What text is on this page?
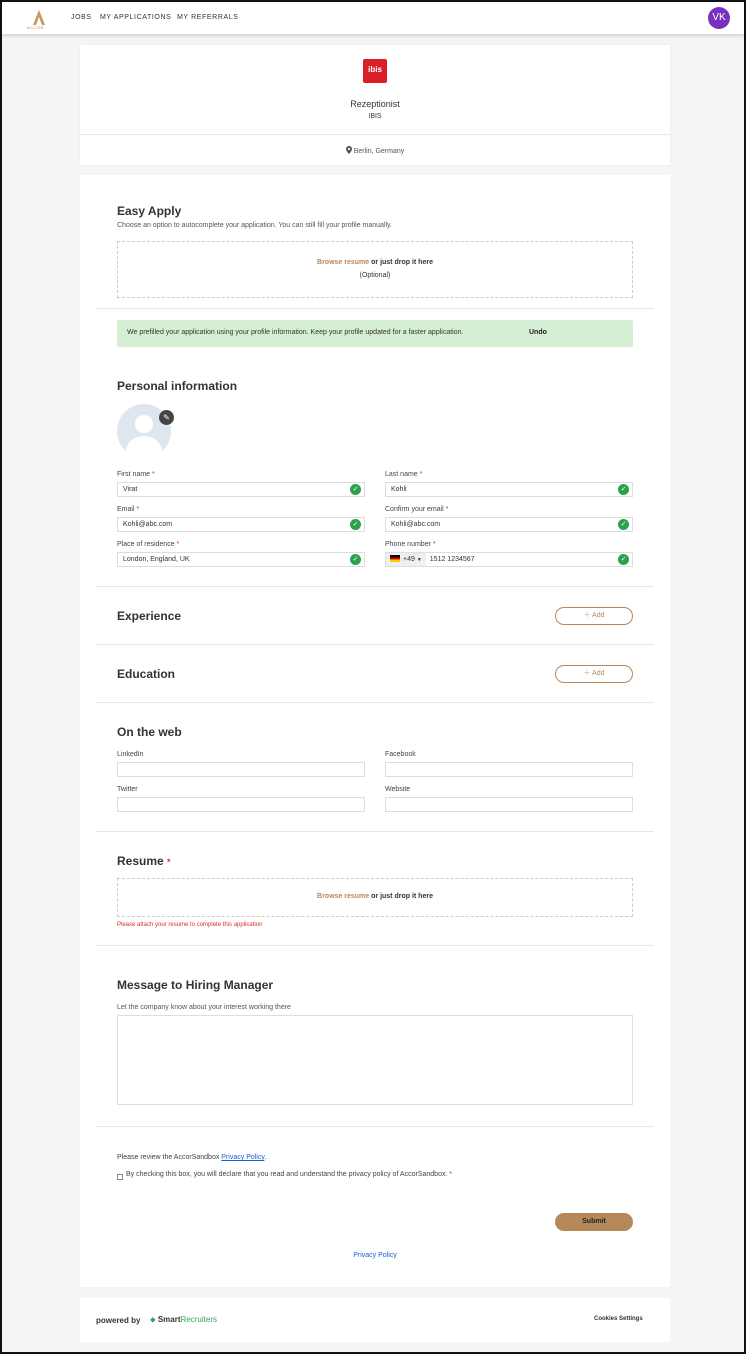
ACCOR
JOBS MY APPLICATIONS MY REFERRALS	VK
ibis
Rezeptionist
IBIS
Berlin, Germany
Easy Apply
Choose an option to autocomplete your application. You can still fill your profile manually.
Browse resume or just drop it here
(Optional)
We prefilled your application using your profile information. Keep your profile updated for a faster application.	Undo
Personal information
✎
First name *
Virat	✓
Last name *
Kohli	✓
Email *
Kohli@abc.com	✓
Confirm your email *
Kohli@abc.com	✓
Place of residence *
London, England, UK	✓
Phone number *
+49 ▼ 1512 1234567	✓
Experience	＋ Add
Education	＋ Add
On the web
LinkedIn	Facebook
Twitter	Website
Resume *
Browse resume or just drop it here
Please attach your resume to complete this application
Message to Hiring Manager
Let the company know about your interest working there
Please review the AccorSandbox Privacy Policy.
By checking this box, you will declare that you read and understand the privacy policy of AccorSandbox. *
Submit
Privacy Policy
powered by ⬥ SmartRecruiters	Cookies Settings
